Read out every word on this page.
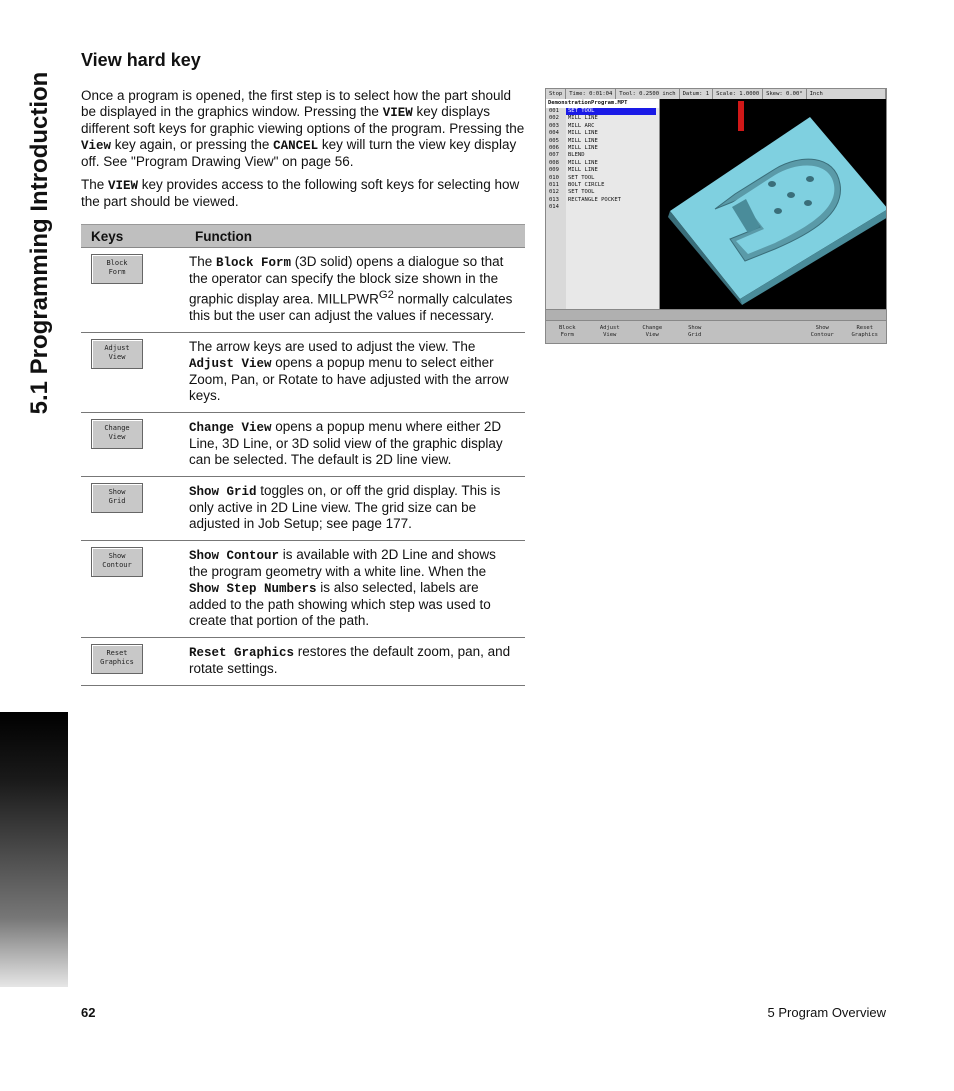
5.1 Programming Introduction
View hard key

Once a program is opened, the first step is to select how the part should be displayed in the graphics window. Pressing the VIEW key displays different soft keys for graphic viewing options of the program. Pressing the View key again, or pressing the CANCEL key will turn the view key display off. See "Program Drawing View" on page 56.

The VIEW key provides access to the following soft keys for selecting how the part should be viewed.

Keys	Function

Block
Form	The Block Form (3D solid) opens a dialogue so that the operator can specify the block size shown in the graphic display area. $MILLPWR^{G2}$ normally calculates this but the user can adjust the values if necessary.

Adjust
View	The arrow keys are used to adjust the view. The Adjust View opens a popup menu to select either Zoom, Pan, or Rotate to have adjusted with the arrow keys.

Change
View	Change View opens a popup menu where either 2D Line, 3D Line, or 3D solid view of the graphic display can be selected. The default is 2D line view.

Show
Grid	Show Grid toggles on, or off the grid display. This is only active in 2D Line view. The grid size can be adjusted in Job Setup; see page 177.

Show
Contour	Show Contour is available with 2D Line and shows the program geometry with a white line. When the Show Step Numbers is also selected, labels are added to the path showing which step was used to create that portion of the path.

Reset
Graphics	Reset Graphics restores the default zoom, pan, and rotate settings.
Stop	Time: 0:01:04	Tool: 0.2500 inch	Datum: 1	Scale: 1.0000	Skew: 0.00°	Inch
DemonstrationProgram.MPT
001	SET TOOL
002	MILL LINE
003	MILL ARC
004	MILL LINE
005	MILL LINE
006	MILL LINE
007	BLEND
008	MILL LINE
009	MILL LINE
010	SET TOOL
011	BOLT CIRCLE
012	SET TOOL
013	RECTANGLE POCKET
014
Block
Form
Adjust
View
Change
View
Show
Grid
Show
Contour
Reset
Graphics
62	5 Program Overview
